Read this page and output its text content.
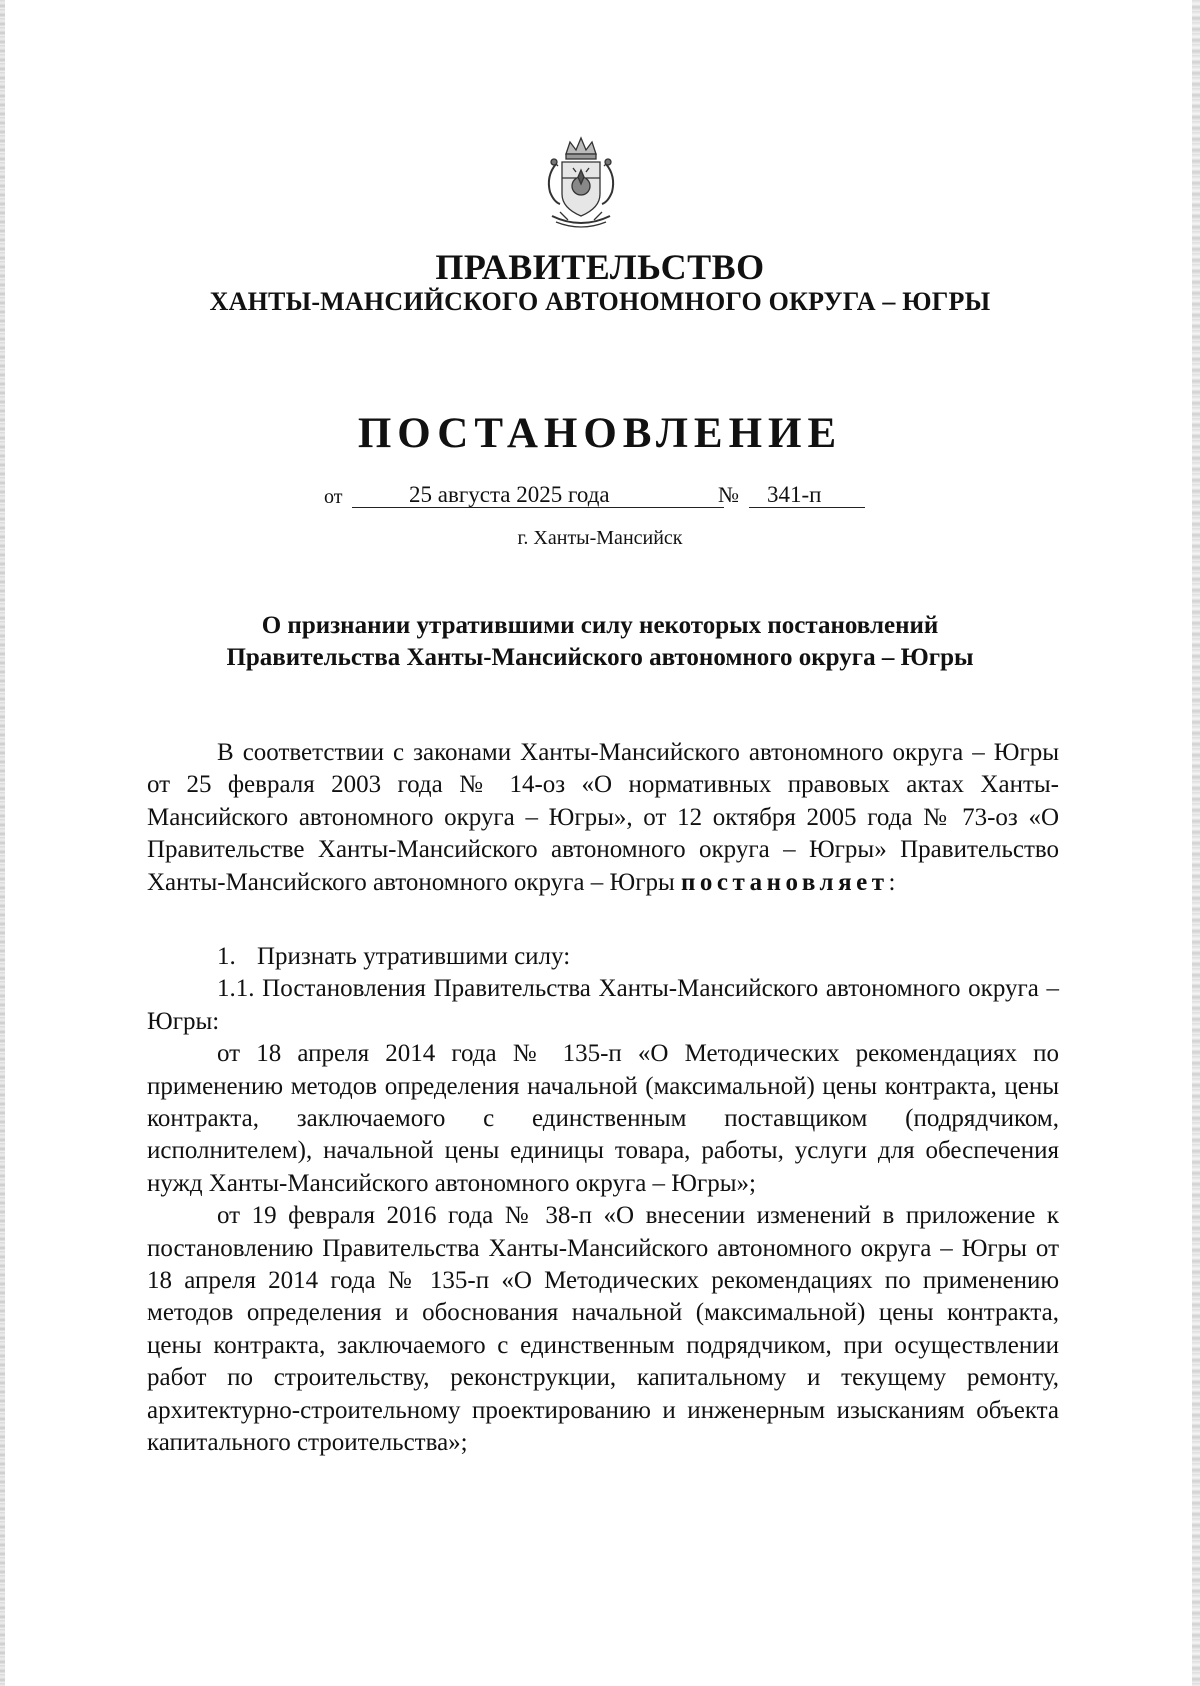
ПРАВИТЕЛЬСТВО
ХАНТЫ-МАНСИЙСКОГО АВТОНОМНОГО ОКРУГА – ЮГРЫ
ПОСТАНОВЛЕНИЕ
от	25 августа 2025 года	№	341-п
г. Ханты-Мансийск
О признании утратившими силу некоторых постановлений
Правительства Ханты-Мансийского автономного округа – Югры

В соответствии с законами Ханты-Мансийского автономного округа – Югры от 25 февраля 2003 года № 14-оз «О нормативных правовых актах Ханты-Мансийского автономного округа – Югры», от 12 октября 2005 года № 73-оз «О Правительстве Ханты-Мансийского автономного округа – Югры» Правительство Ханты-Мансийского автономного округа – Югры постановляет:

1. Признать утратившими силу:

1.1. Постановления Правительства Ханты-Мансийского автономного округа – Югры:

от 18 апреля 2014 года № 135-п «О Методических рекомендациях по применению методов определения начальной (максимальной) цены контракта, цены контракта, заключаемого с единственным поставщиком (подрядчиком, исполнителем), начальной цены единицы товара, работы, услуги для обеспечения нужд Ханты-Мансийского автономного округа – Югры»;

от 19 февраля 2016 года № 38-п «О внесении изменений в приложение к постановлению Правительства Ханты-Мансийского автономного округа – Югры от 18 апреля 2014 года № 135-п «О Методических рекомендациях по применению методов определения и обоснования начальной (максимальной) цены контракта, цены контракта, заключаемого с единственным подрядчиком, при осуществлении работ по строительству, реконструкции, капитальному и текущему ремонту, архитектурно-строительному проектированию и инженерным изысканиям объекта капитального строительства»;
